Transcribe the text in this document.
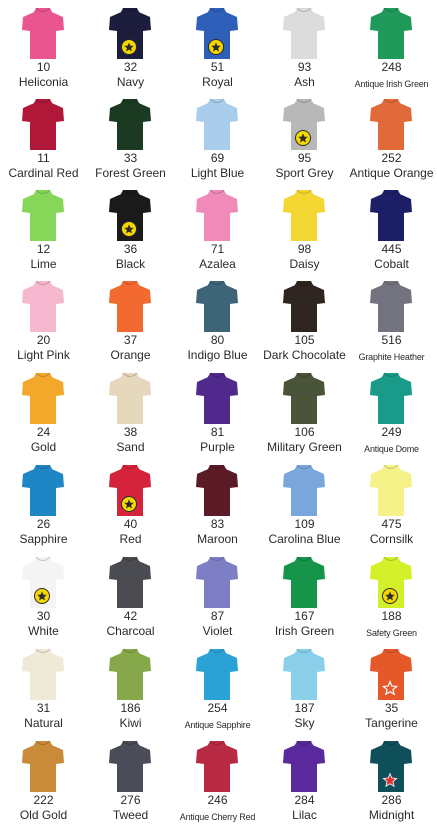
10
Heliconia
32
Navy
51
Royal
93
Ash
248
Antique Irish Green
11
Cardinal Red
33
Forest Green
69
Light Blue
95
Sport Grey
252
Antique Orange
12
Lime
36
Black
71
Azalea
98
Daisy
445
Cobalt
20
Light Pink
37
Orange
80
Indigo Blue
105
Dark Chocolate
516
Graphite Heather
24
Gold
38
Sand
81
Purple
106
Military Green
249
Antique Dome
26
Sapphire
40
Red
83
Maroon
109
Carolina Blue
475
Cornsilk
30
White
42
Charcoal
87
Violet
167
Irish Green
188
Safety Green
31
Natural
186
Kiwi
254
Antique Sapphire
187
Sky
35
Tangerine
222
Old Gold
276
Tweed
246
Antique Cherry Red
284
Lilac
286
Midnight
